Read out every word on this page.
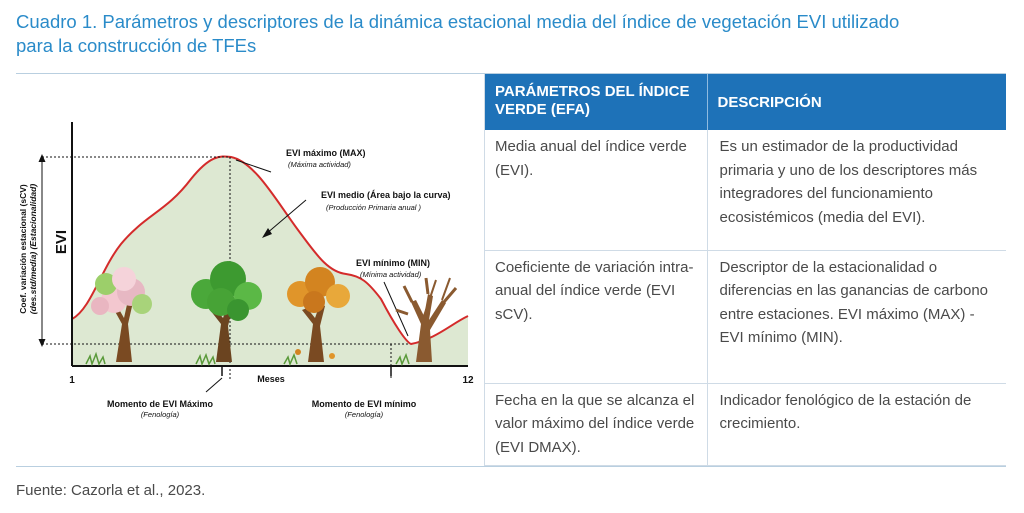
Cuadro 1. Parámetros y descriptores de la dinámica estacional media del índice de vegetación EVI utilizado
para la construcción de TFEs
EVI
Coef. variación estacional (sCV) (des.std/media) (Estacionalidad)
1	Meses	12
EVI máximo (MAX)
(Máxima actividad)
EVI medio (Área bajo la curva)
(Producción Primaria anual )
EVI mínimo (MIN)
(Mínima actividad)
Momento de EVI Máximo
(Fenología)
Momento de EVI mínimo
(Fenología)
PARÁMETROS DEL ÍNDICE VERDE (EFA)	DESCRIPCIÓN
Media anual del índice verde (EVI).	Es un estimador de la productividad primaria y uno de los descriptores más integradores del funcionamiento ecosistémicos (media del EVI).
Coeficiente de variación intra-anual del índice verde (EVI sCV).	Descriptor de la estacionalidad o diferencias en las ganancias de carbono entre estaciones. EVI máximo (MAX) - EVI mínimo (MIN).
Fecha en la que se alcanza el valor máximo del índice verde (EVI DMAX).	Indicador fenológico de la estación de crecimiento.
Fuente: Cazorla et al., 2023.
